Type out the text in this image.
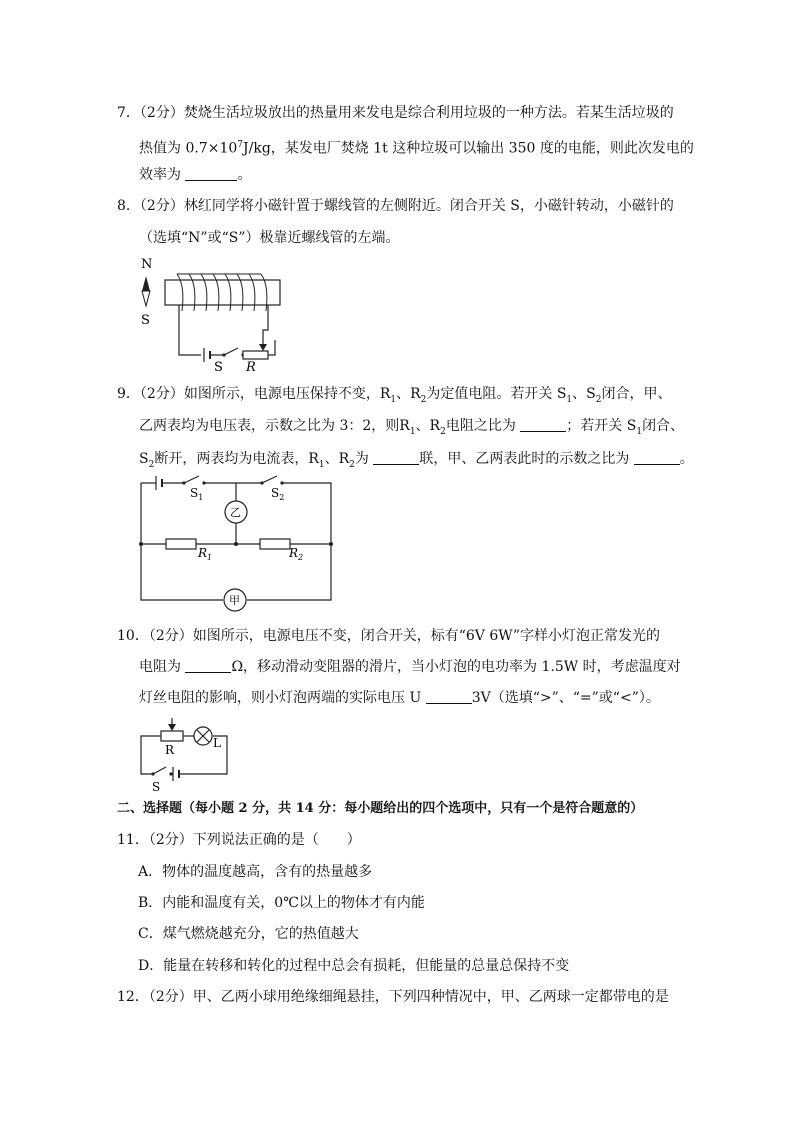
7．（2分）焚烧生活垃圾放出的热量用来发电是综合利用垃圾的一种方法。若某生活垃圾的
热值为 $0.7\times 10^7J/kg$，某发电厂焚烧 1t 这种垃圾可以输出 350 度的电能，则此次发电的
效率为	。
8．（2分）林红同学将小磁针置于螺线管的左侧附近。闭合开关 S，小磁针转动，小磁针的
（选填“N”或“S”）极靠近螺线管的左端。
N
S
S R
9．（2分）如图所示，电源电压保持不变，$R_1$、$R_2$为定值电阻。若开关 $S_1$、$S_2$闭合，甲、
乙两表均为电压表，示数之比为 3：2，则$R_1$、$R_2$电阻之比为	；若开关 $S_1$闭合、
$S_2$断开，两表均为电流表，$R_1$、$R_2$为	联，甲、乙两表此时的示数之比为	。
$S_1$	$S_2$
乙
$R_1$	$R_2$
甲
10．（2分）如图所示，电源电压不变，闭合开关，标有“6V 6W”字样小灯泡正常发光的
电阻为	Ω，移动滑动变阻器的滑片，当小灯泡的电功率为 1.5W 时，考虑温度对
灯丝电阻的影响，则小灯泡两端的实际电压 U	3V（选填“>”、“=”或“<”）。
R	L
S
二、选择题（每小题 2 分，共 14 分：每小题给出的四个选项中，只有一个是符合题意的）
11．（2分）下列说法正确的是（　　）
A．物体的温度越高，含有的热量越多
B．内能和温度有关，0℃以上的物体才有内能
C．煤气燃烧越充分，它的热值越大
D．能量在转移和转化的过程中总会有损耗，但能量的总量总保持不变
12．（2分）甲、乙两小球用绝缘细绳悬挂，下列四种情况中，甲、乙两球一定都带电的是
